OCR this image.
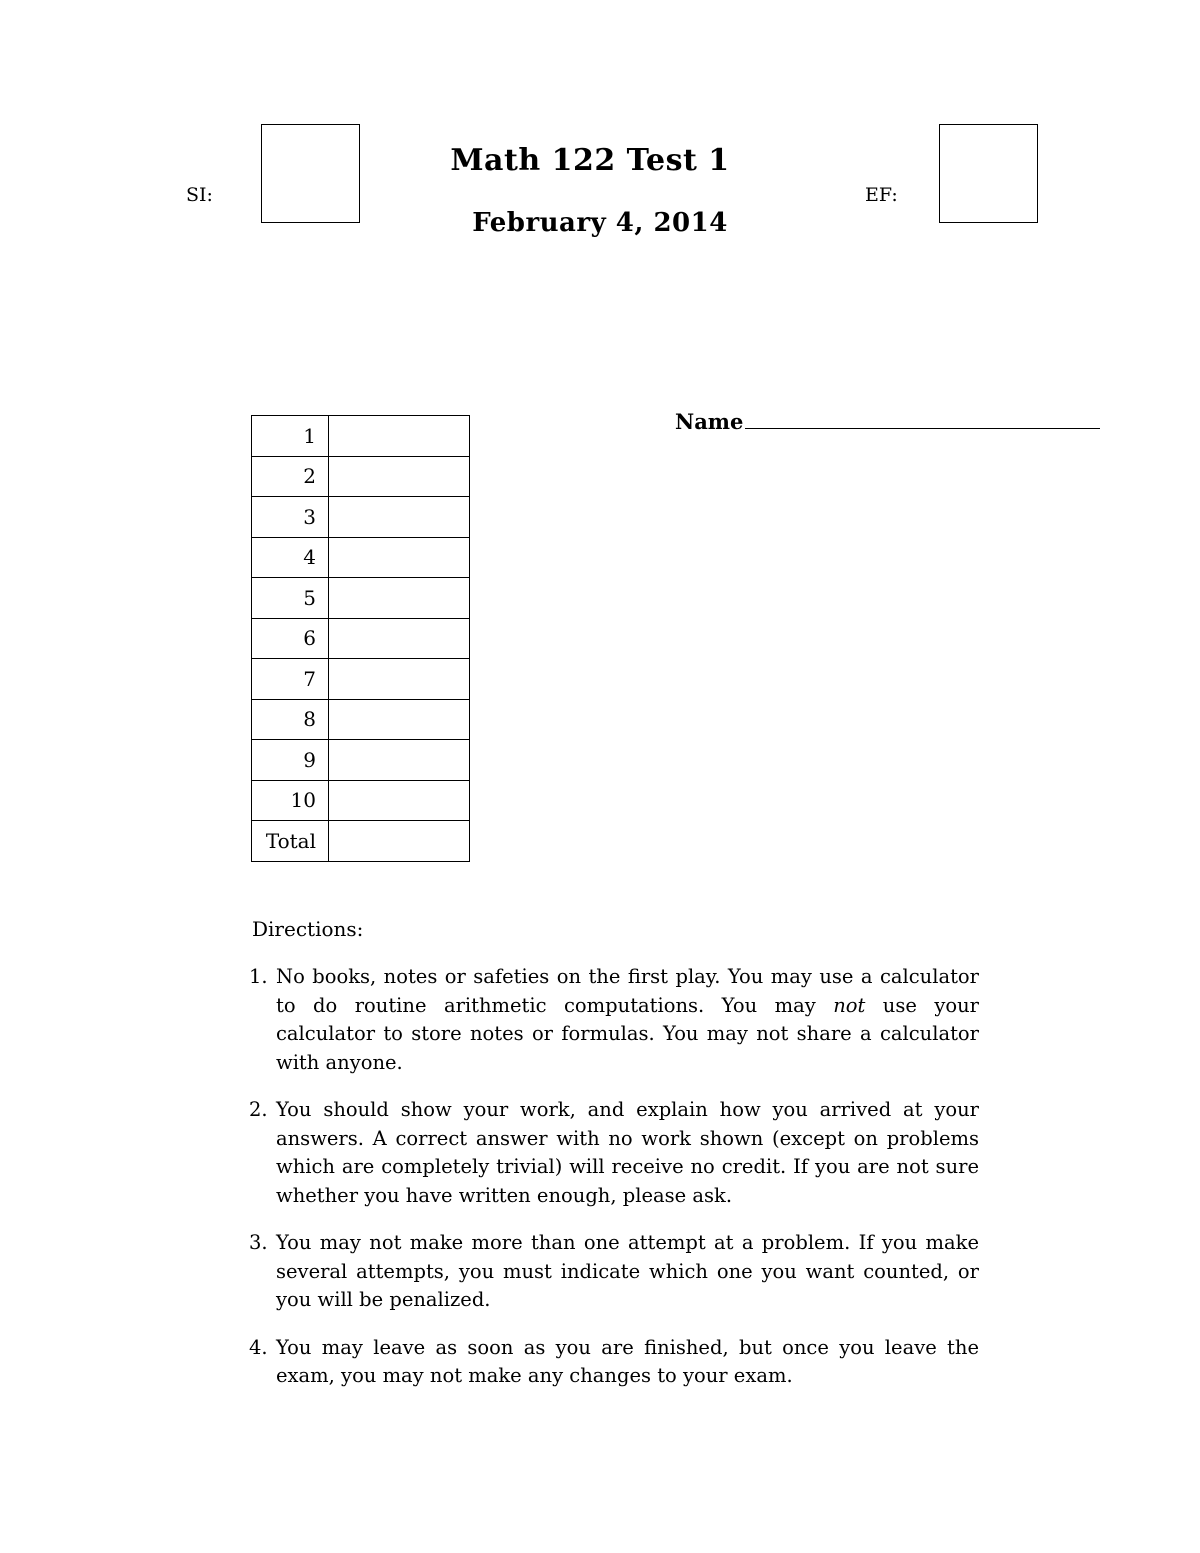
SI:
Math 122 Test 1
February 4, 2014
EF:
Name
1	
2	
3	
4	
5	
6	
7	
8	
9	
10	
Total	
Directions:
1. No books, notes or safeties on the first play. You may use a calculator to do routine arithmetic computations. You may not use your calculator to store notes or formulas. You may not share a calculator with anyone.
2. You should show your work, and explain how you arrived at your answers. A correct answer with no work shown (except on problems which are completely trivial) will receive no credit. If you are not sure whether you have written enough, please ask.
3. You may not make more than one attempt at a problem. If you make several attempts, you must indicate which one you want counted, or you will be penalized.
4. You may leave as soon as you are finished, but once you leave the exam, you may not make any changes to your exam.
